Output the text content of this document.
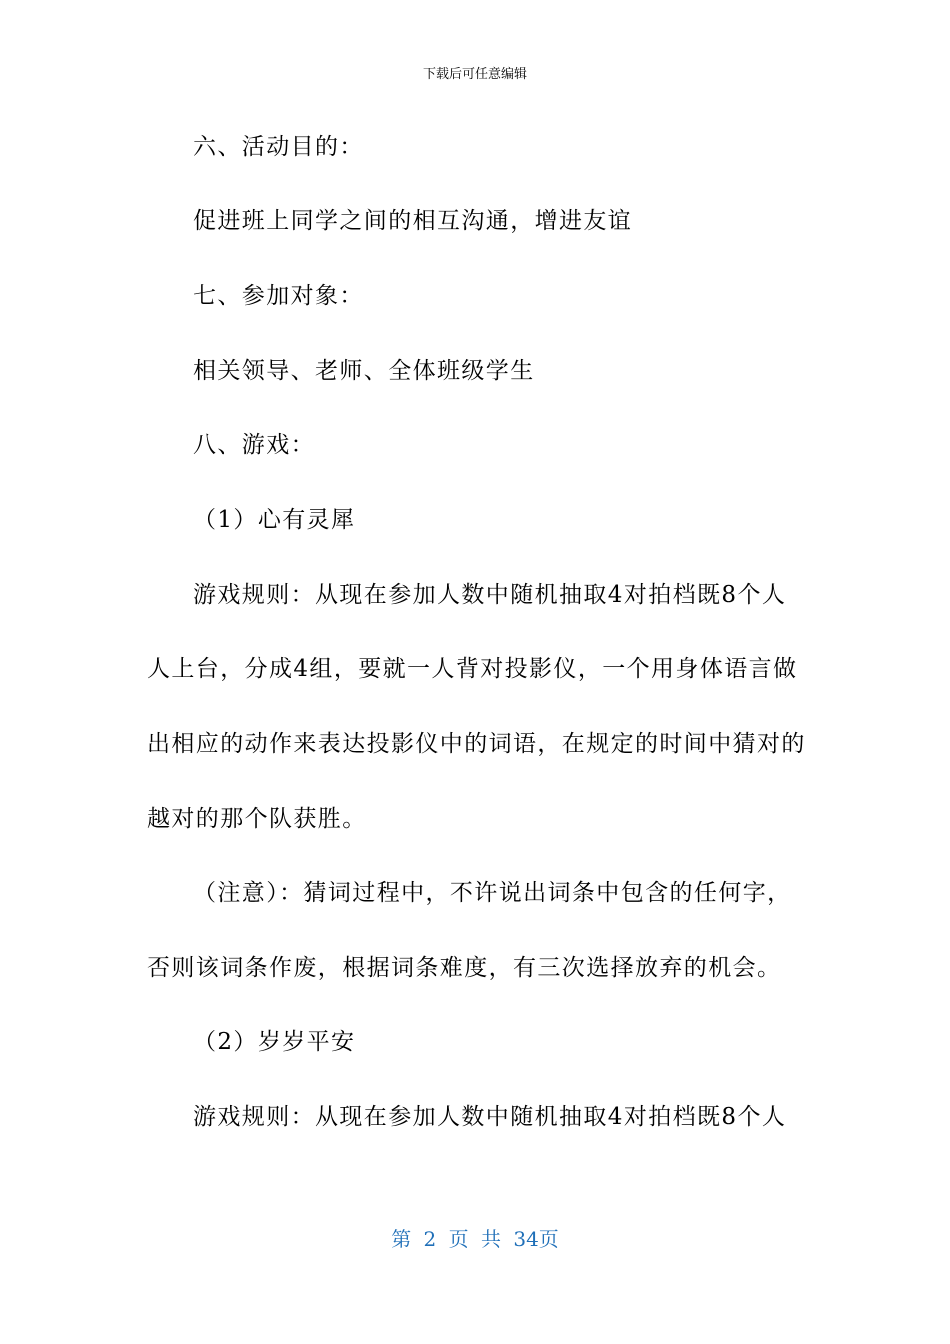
下载后可任意编辑
六、活动目的：
促进班上同学之间的相互沟通，增进友谊
七、参加对象：
相关领导、老师、全体班级学生
八、游戏：
（1）心有灵犀
游戏规则：从现在参加人数中随机抽取4对拍档既8个人
人上台，分成4组，要就一人背对投影仪，一个用身体语言做
出相应的动作来表达投影仪中的词语，在规定的时间中猜对的
越对的那个队获胜。
（注意）：猜词过程中，不许说出词条中包含的任何字，
否则该词条作废，根据词条难度，有三次选择放弃的机会。
（2）岁岁平安
游戏规则：从现在参加人数中随机抽取4对拍档既8个人
第 2 页 共 34页
